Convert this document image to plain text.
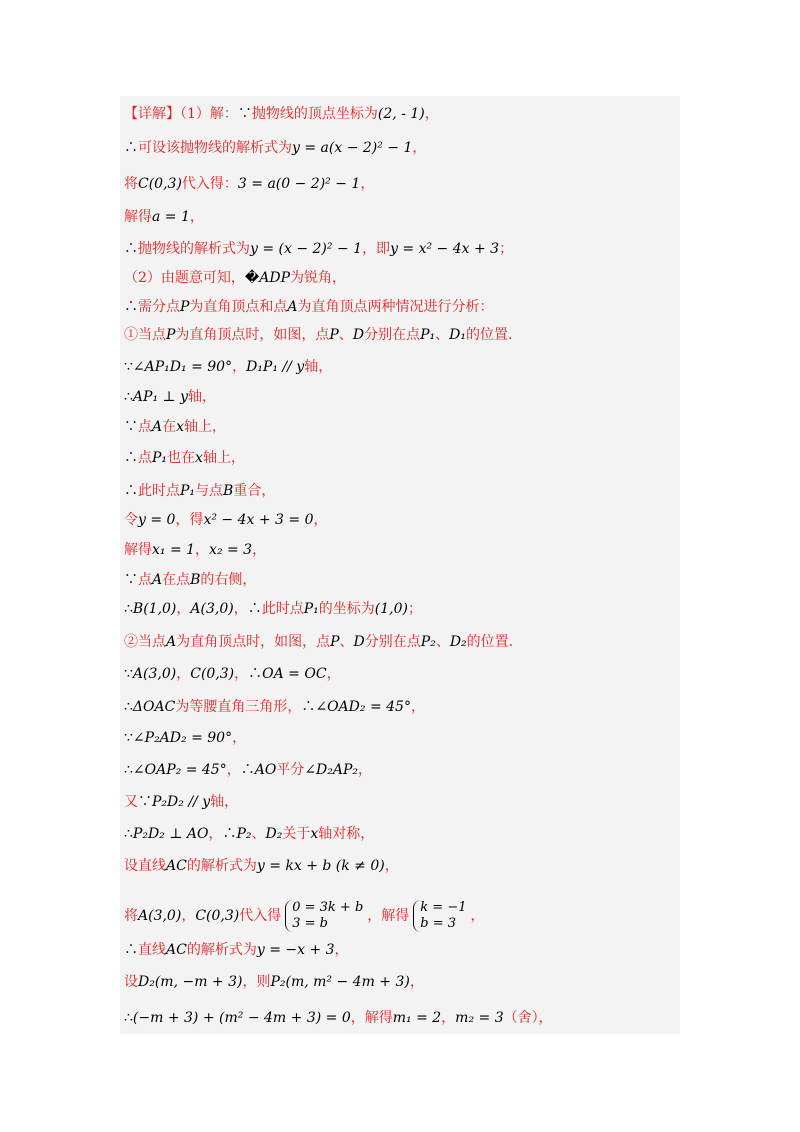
【详解】（1）解：∵抛物线的顶点坐标为(2, - 1)，
∴可设该抛物线的解析式为y = a(x − 2)² − 1，
将C(0,3)代入得：3 = a(0 − 2)² − 1，
解得a = 1，
∴抛物线的解析式为y = (x − 2)² − 1，即y = x² − 4x + 3；
（2）由题意可知，�ADP为锐角，
∴需分点P为直角顶点和点A为直角顶点两种情况进行分析：
①当点P为直角顶点时，如图，点P、D分别在点P₁、D₁的位置.
∵∠AP₁D₁ = 90°，D₁P₁ // y轴，
∴AP₁ ⊥ y轴，
∵点A在x轴上，
∴点P₁也在x轴上，
∴此时点P₁与点B重合，
令y = 0，得x² − 4x + 3 = 0，
解得x₁ = 1，x₂ = 3，
∵点A在点B的右侧，
∴B(1,0)，A(3,0)，∴此时点P₁的坐标为(1,0)；
②当点A为直角顶点时，如图，点P、D分别在点P₂、D₂的位置.
∵A(3,0)，C(0,3)，∴OA = OC，
∴ΔOAC为等腰直角三角形，∴∠OAD₂ = 45°，
∵∠P₂AD₂ = 90°，
∴∠OAP₂ = 45°，∴AO平分∠D₂AP₂，
又∵P₂D₂ // y轴，
∴P₂D₂ ⊥ AO，∴P₂、D₂关于x轴对称，
设直线AC的解析式为y = kx + b (k ≠ 0)，
将A(3,0)，C(0,3)代入得
0 = 3k + b
3 = b	，解得
k = −1
b = 3	，
∴直线AC的解析式为y = −x + 3，
设D₂(m, −m + 3)，则P₂(m, m² − 4m + 3)，
∴(−m + 3) + (m² − 4m + 3) = 0，解得m₁ = 2，m₂ = 3（舍），
